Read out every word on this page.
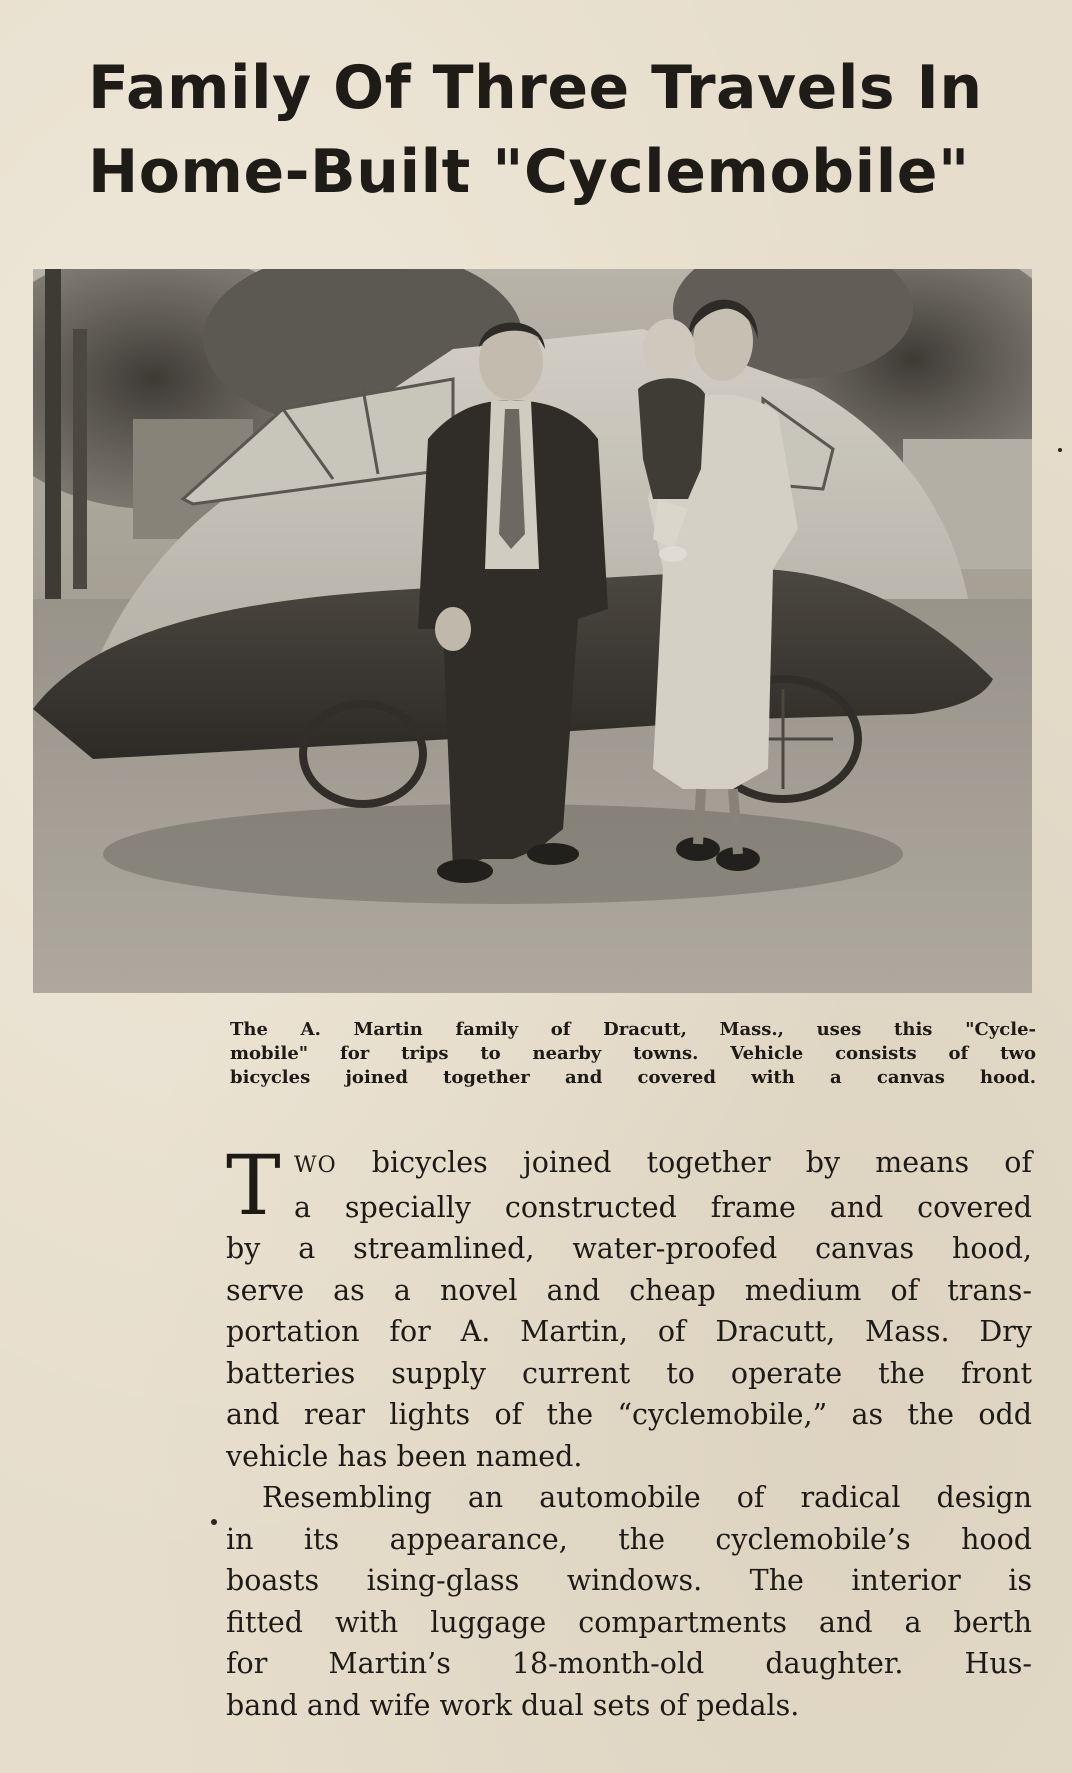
Family Of Three Travels In
Home-Built "Cyclemobile"

The A. Martin family of Dracutt, Mass., uses this "Cycle-
mobile" for trips to nearby towns. Vehicle consists of two
bicycles joined together and covered with a canvas hood.

T WO bicycles joined together by means of
a specially constructed frame and covered
by a streamlined, water-proofed canvas hood,
serve as a novel and cheap medium of trans-
portation for A. Martin, of Dracutt, Mass. Dry
batteries supply current to operate the front
and rear lights of the “cyclemobile,” as the odd
vehicle has been named.

Resembling an automobile of radical design
in its appearance, the cyclemobile’s hood
boasts ising-glass windows. The interior is
fitted with luggage compartments and a berth
for Martin’s 18-month-old daughter. Hus-
band and wife work dual sets of pedals.
